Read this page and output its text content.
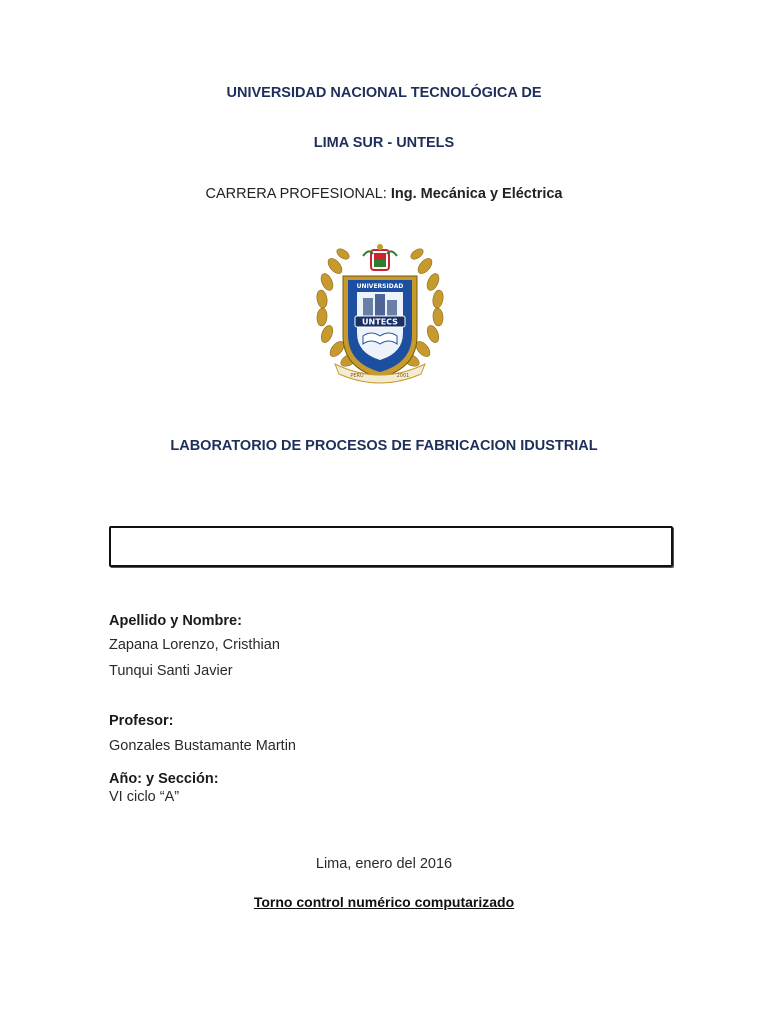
UNIVERSIDAD NACIONAL TECNOLÓGICA DE
LIMA SUR - UNTELS
CARRERA PROFESIONAL: Ing. Mecánica y Eléctrica
UNTECS
UNIVERSIDAD
PERÚ	2001
LABORATORIO DE PROCESOS DE FABRICACION IDUSTRIAL
Apellido y Nombre:
Zapana Lorenzo, Cristhian
Tunqui Santi Javier
Profesor:
Gonzales Bustamante Martin
Año: y Sección:
VI ciclo “A”
Lima, enero del 2016
Torno control numérico computarizado
